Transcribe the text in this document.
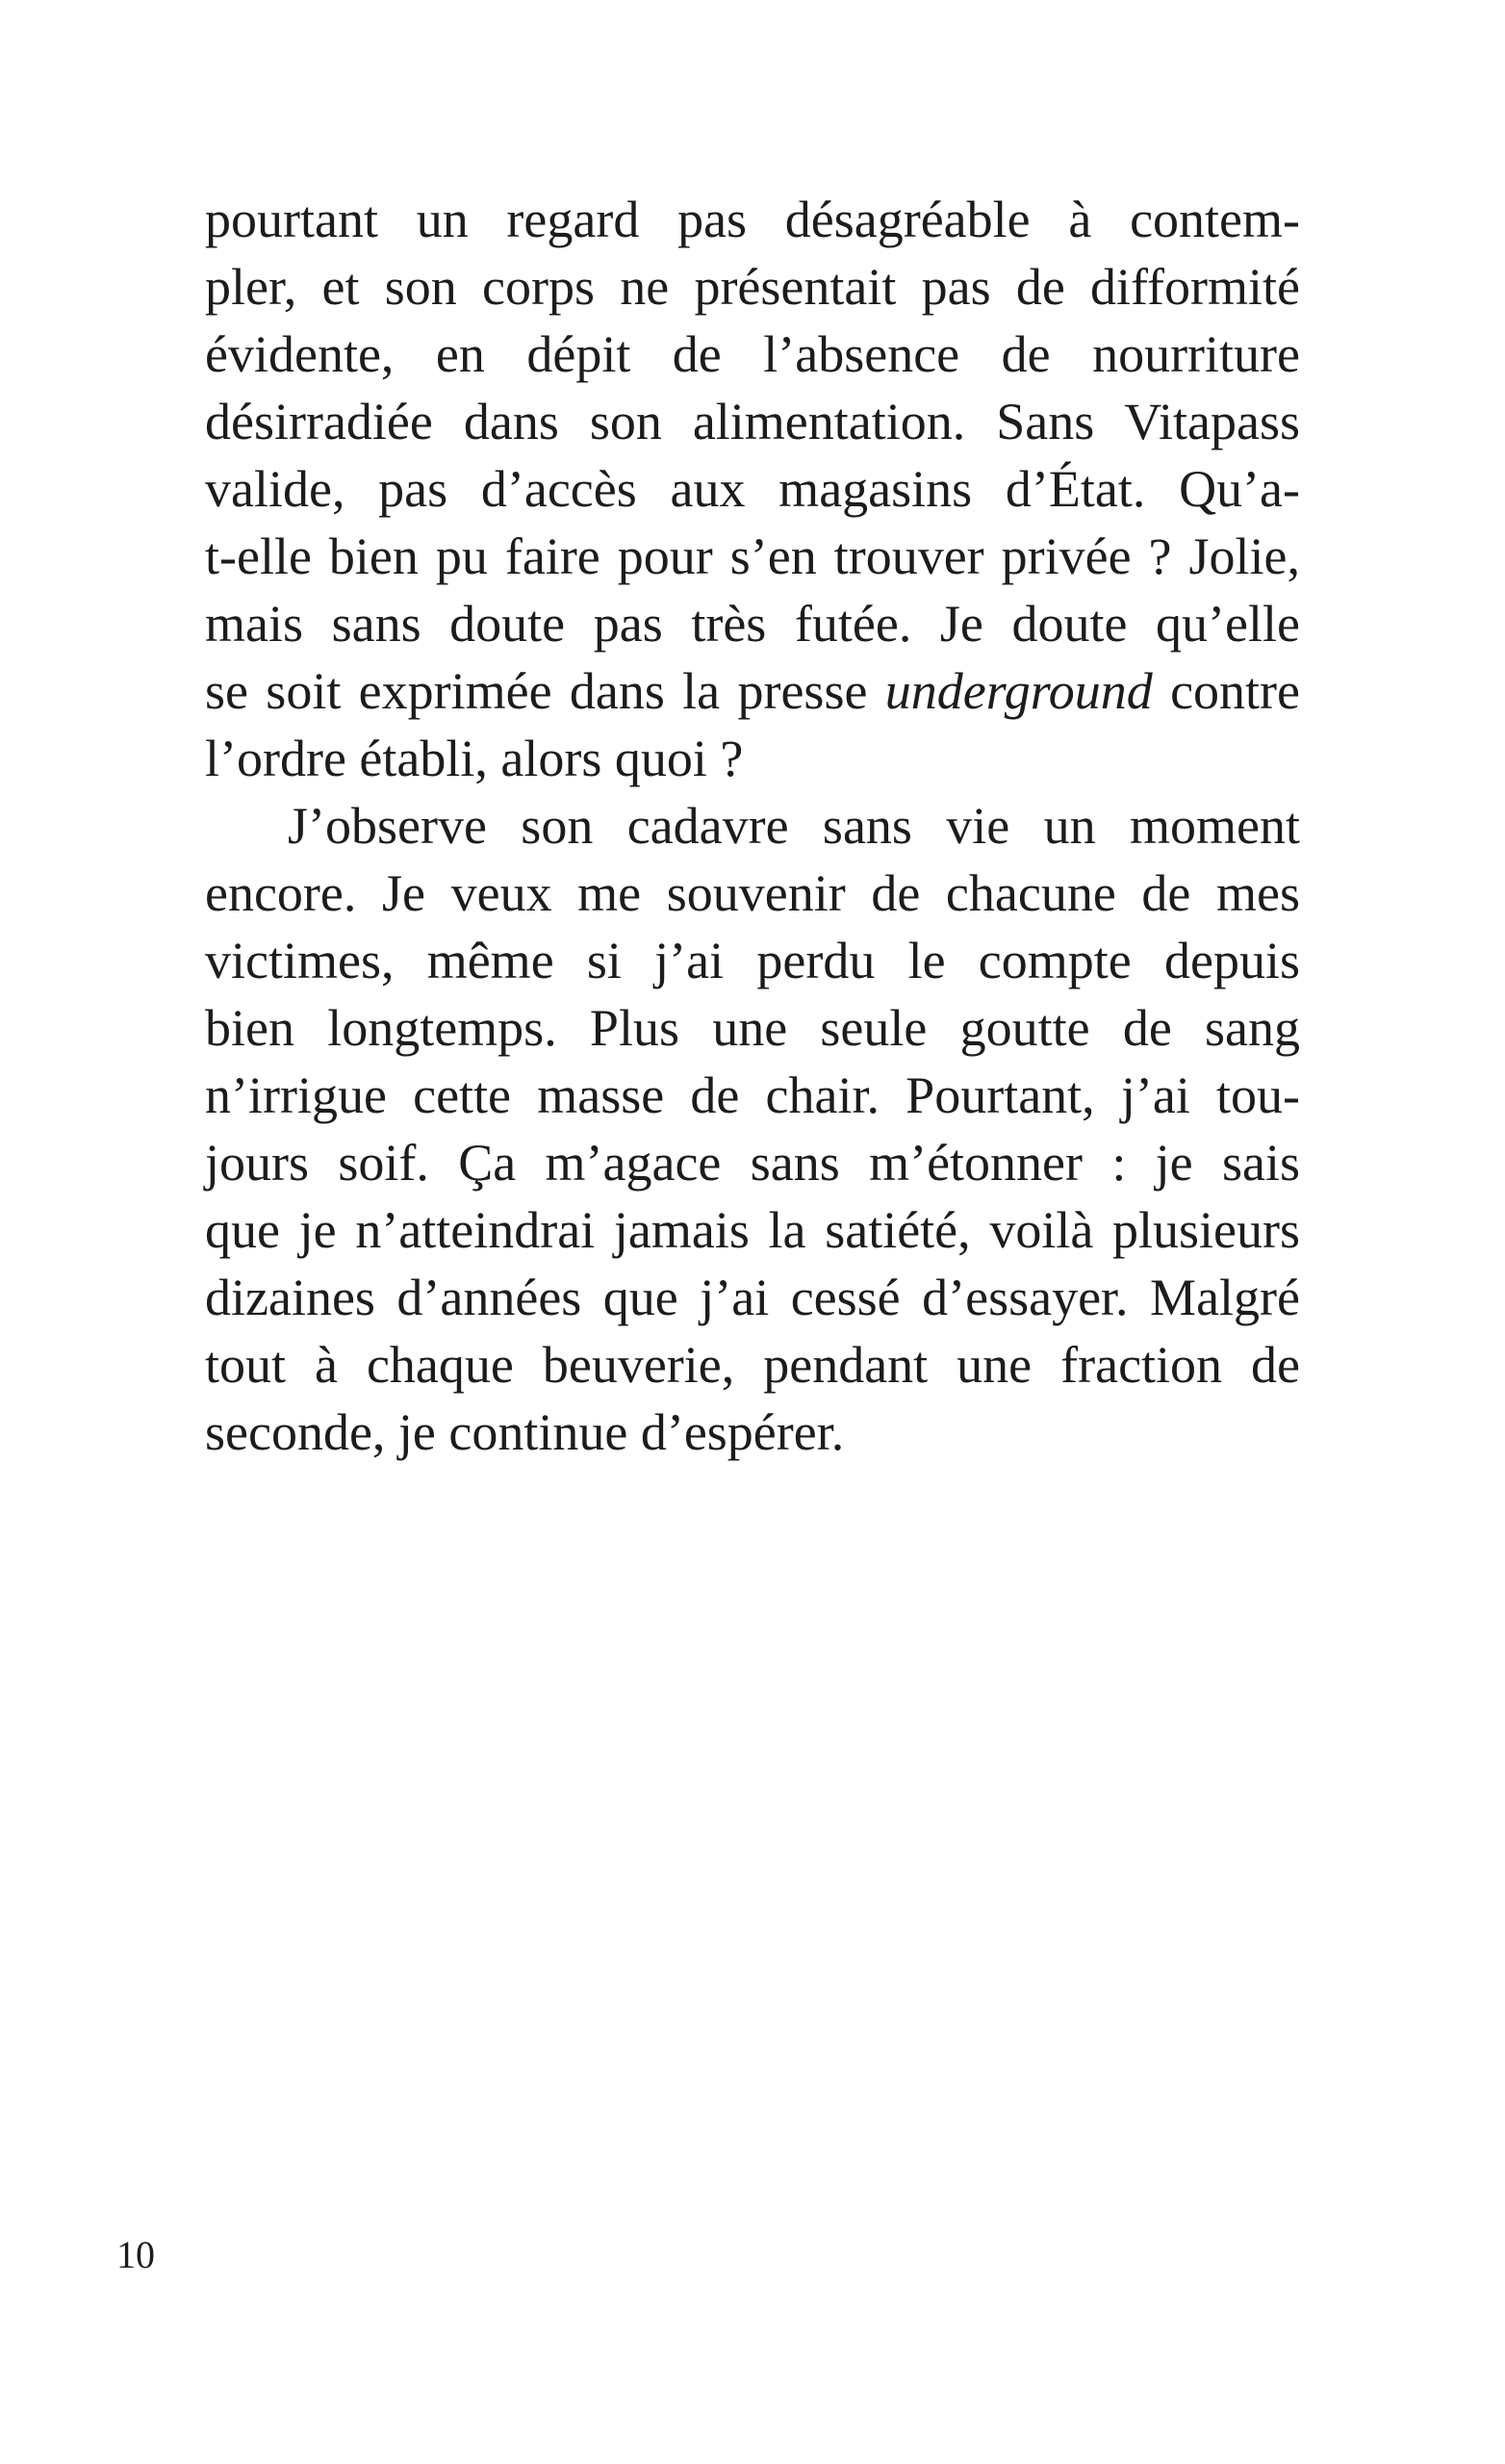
pourtant un regard pas désagréable à contem-
pler, et son corps ne présentait pas de difformité
évidente, en dépit de l’absence de nourriture
désirradiée dans son alimentation. Sans Vitapass
valide, pas d’accès aux magasins d’État. Qu’a-
t-elle bien pu faire pour s’en trouver privée ? Jolie,
mais sans doute pas très futée. Je doute qu’elle
se soit exprimée dans la presse underground contre
l’ordre établi, alors quoi ?
J’observe son cadavre sans vie un moment
encore. Je veux me souvenir de chacune de mes
victimes, même si j’ai perdu le compte depuis
bien longtemps. Plus une seule goutte de sang
n’irrigue cette masse de chair. Pourtant, j’ai tou-
jours soif. Ça m’agace sans m’étonner : je sais
que je n’atteindrai jamais la satiété, voilà plusieurs
dizaines d’années que j’ai cessé d’essayer. Malgré
tout à chaque beuverie, pendant une fraction de
seconde, je continue d’espérer.
10
